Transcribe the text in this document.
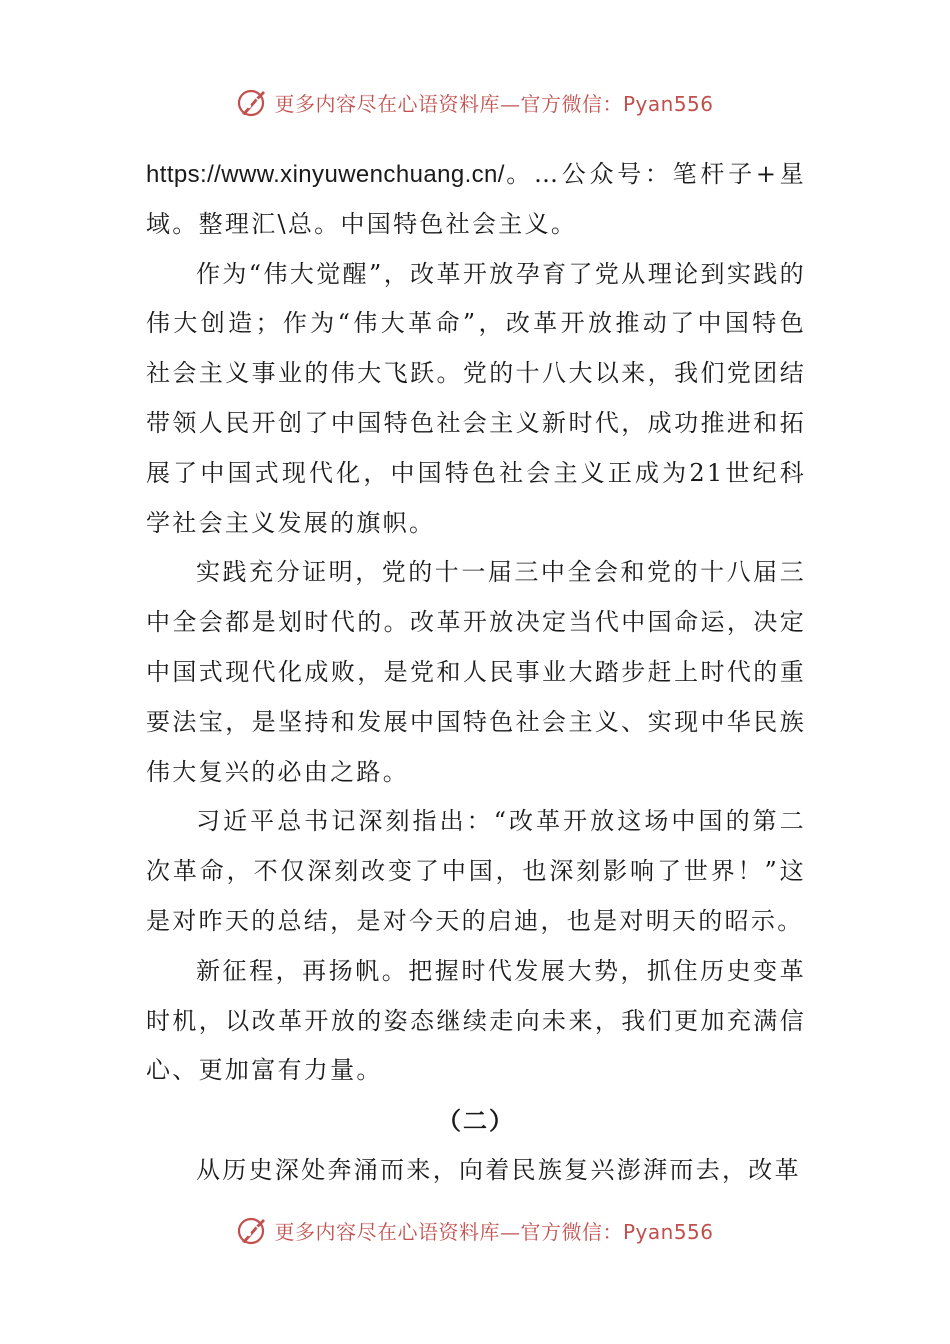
更多内容尽在心语资料库—官方微信：Pyan556

https://www.xinyuwenchuang.cn/。…公众号：笔杆子+星域。整理汇\总。中国特色社会主义。

作为“伟大觉醒”，改革开放孕育了党从理论到实践的伟大创造；作为“伟大革命”，改革开放推动了中国特色社会主义事业的伟大飞跃。党的十八大以来，我们党团结带领人民开创了中国特色社会主义新时代，成功推进和拓展了中国式现代化，中国特色社会主义正成为21世纪科学社会主义发展的旗帜。

实践充分证明，党的十一届三中全会和党的十八届三中全会都是划时代的。改革开放决定当代中国命运，决定中国式现代化成败，是党和人民事业大踏步赶上时代的重要法宝，是坚持和发展中国特色社会主义、实现中华民族伟大复兴的必由之路。

习近平总书记深刻指出：“改革开放这场中国的第二次革命，不仅深刻改变了中国，也深刻影响了世界！”这是对昨天的总结，是对今天的启迪，也是对明天的昭示。

新征程，再扬帆。把握时代发展大势，抓住历史变革时机，以改革开放的姿态继续走向未来，我们更加充满信心、更加富有力量。

（二）

从历史深处奔涌而来，向着民族复兴澎湃而去，改革

更多内容尽在心语资料库—官方微信：Pyan556
